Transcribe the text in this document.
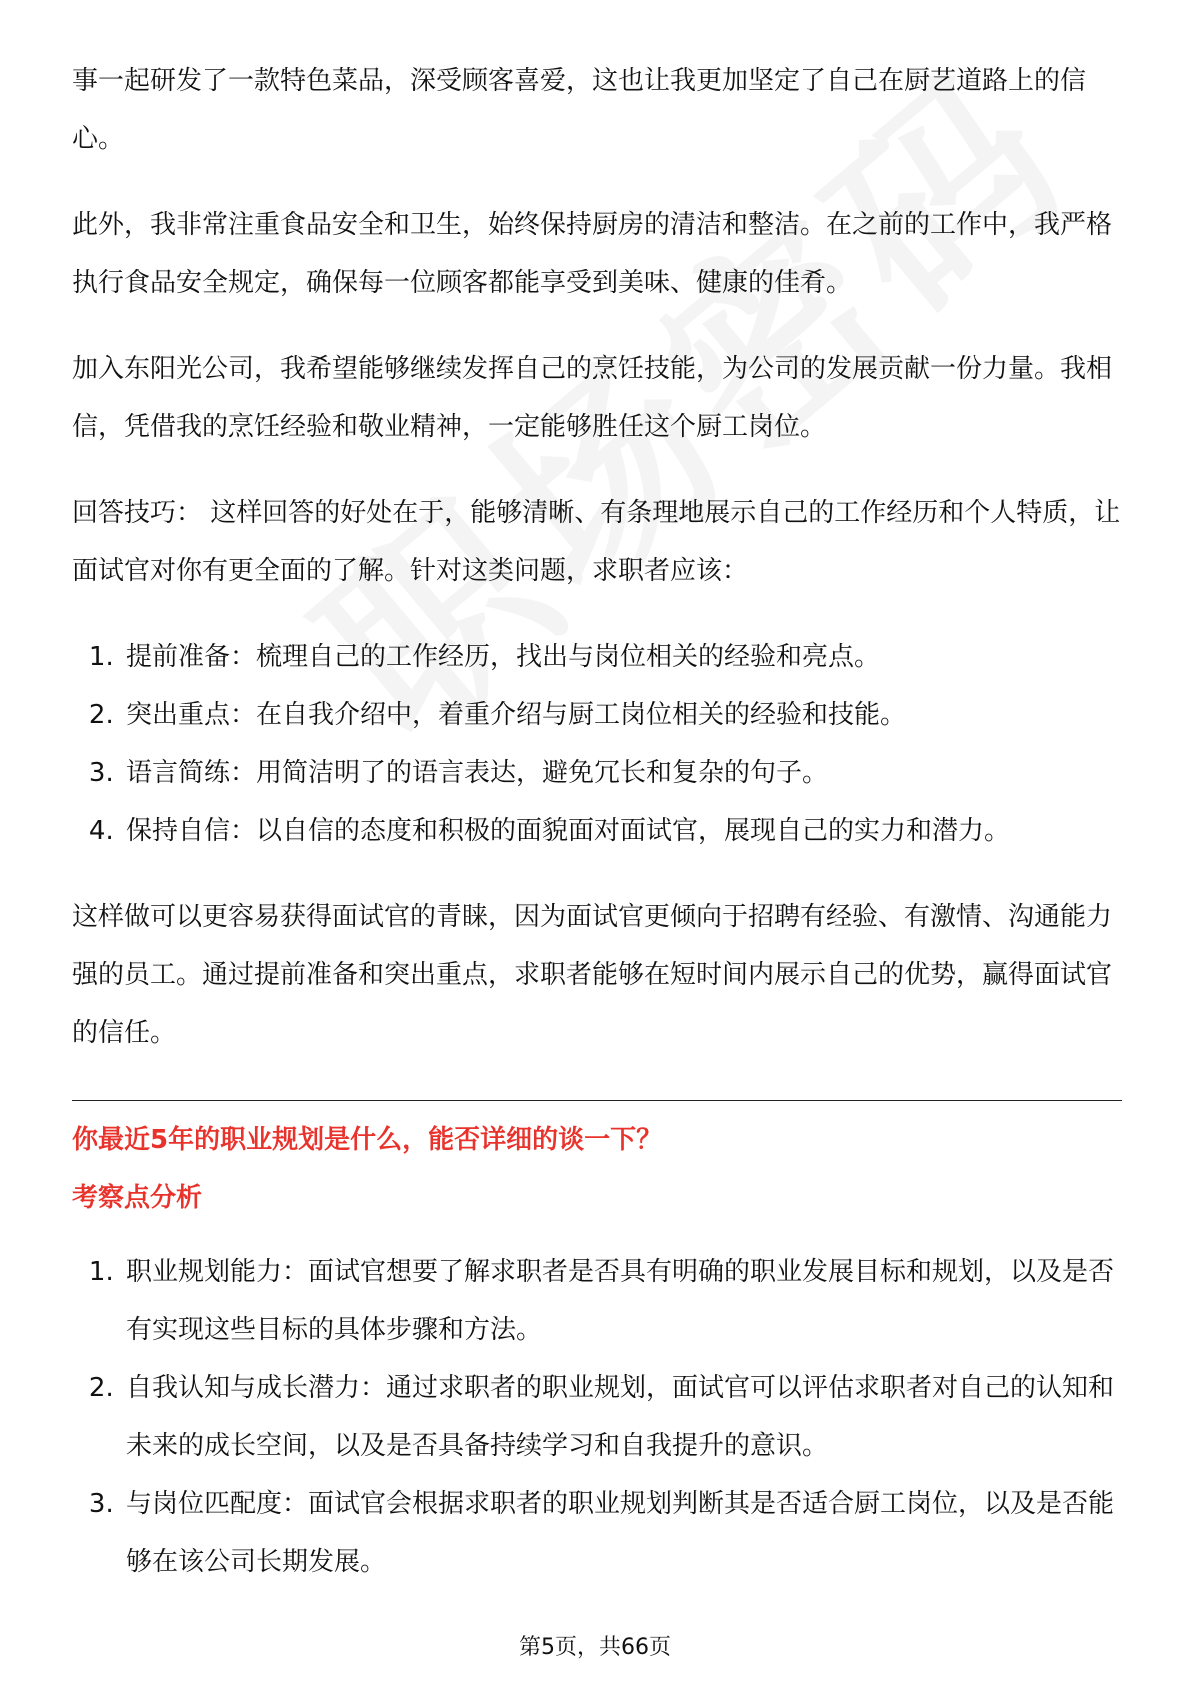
事一起研发了一款特色菜品，深受顾客喜爱，这也让我更加坚定了自己在厨艺道路上的信心。
此外，我非常注重食品安全和卫生，始终保持厨房的清洁和整洁。在之前的工作中，我严格执行食品安全规定，确保每一位顾客都能享受到美味、健康的佳肴。
加入东阳光公司，我希望能够继续发挥自己的烹饪技能，为公司的发展贡献一份力量。我相信，凭借我的烹饪经验和敬业精神，一定能够胜任这个厨工岗位。
回答技巧： 这样回答的好处在于，能够清晰、有条理地展示自己的工作经历和个人特质，让面试官对你有更全面的了解。针对这类问题，求职者应该：
1. 提前准备：梳理自己的工作经历，找出与岗位相关的经验和亮点。
2. 突出重点：在自我介绍中，着重介绍与厨工岗位相关的经验和技能。
3. 语言简练：用简洁明了的语言表达，避免冗长和复杂的句子。
4. 保持自信：以自信的态度和积极的面貌面对面试官，展现自己的实力和潜力。
这样做可以更容易获得面试官的青睐，因为面试官更倾向于招聘有经验、有激情、沟通能力强的员工。通过提前准备和突出重点，求职者能够在短时间内展示自己的优势，赢得面试官的信任。
你最近5年的职业规划是什么，能否详细的谈一下？
考察点分析
1. 职业规划能力：面试官想要了解求职者是否具有明确的职业发展目标和规划，以及是否有实现这些目标的具体步骤和方法。
2. 自我认知与成长潜力：通过求职者的职业规划，面试官可以评估求职者对自己的认知和未来的成长空间，以及是否具备持续学习和自我提升的意识。
3. 与岗位匹配度：面试官会根据求职者的职业规划判断其是否适合厨工岗位，以及是否能够在该公司长期发展。
第5页，共66页
